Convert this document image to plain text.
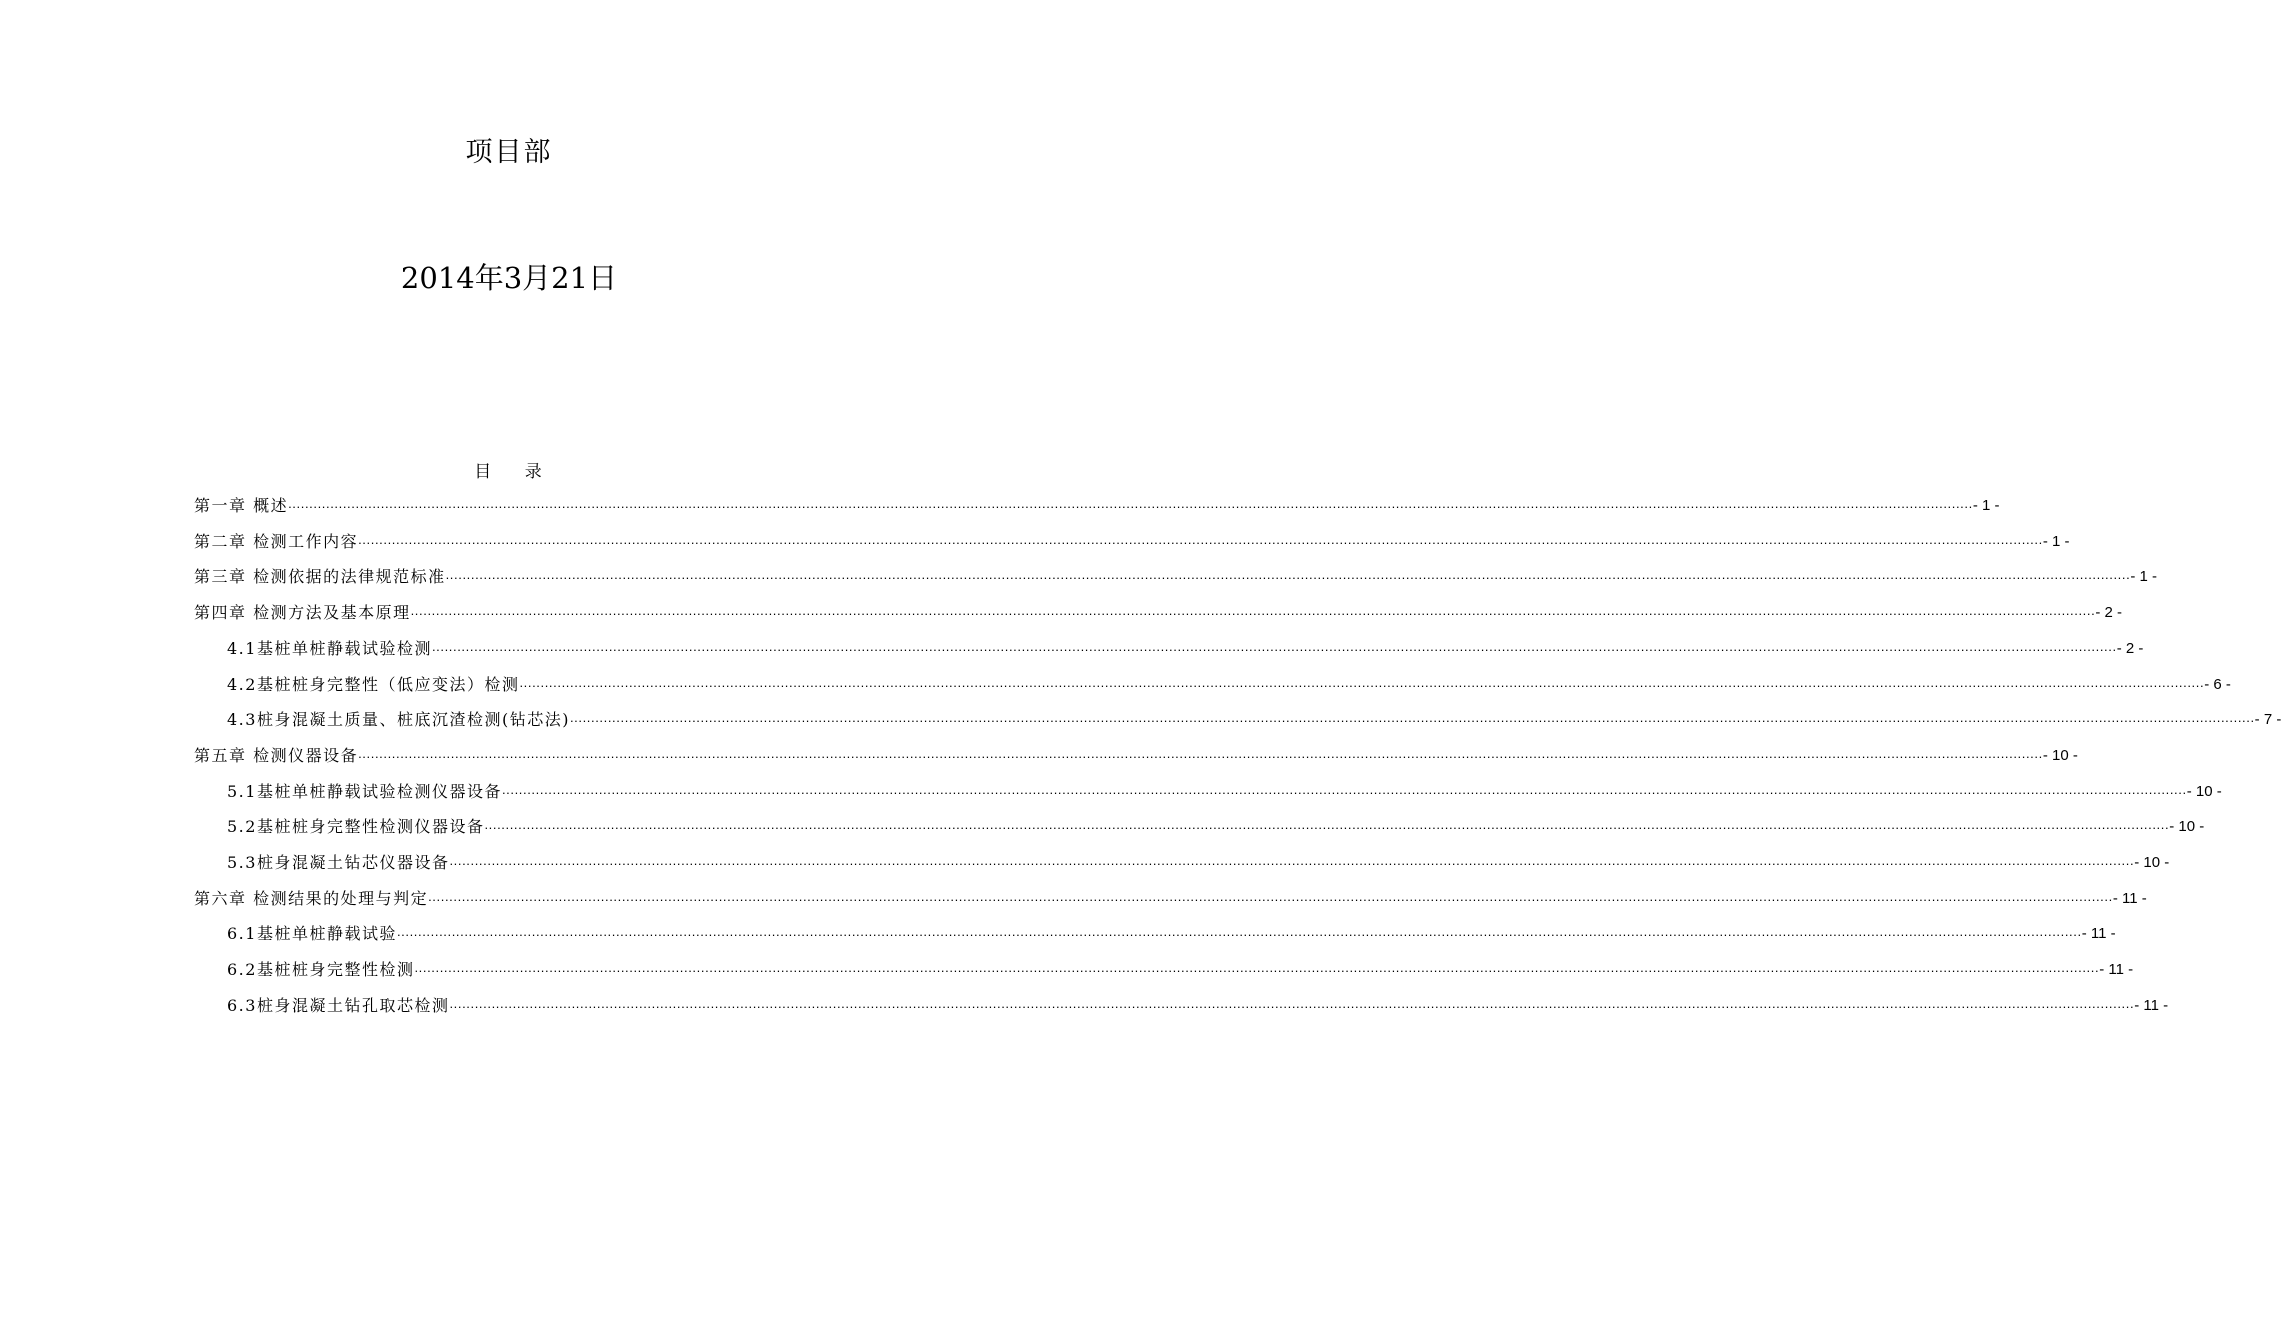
项目部
2014年3月21日
目 录
第一章 概述 ................................................................................................................................................................................................................................................................................................................................................................................................................ - 1 -
第二章 检测工作内容 ................................................................................................................................................................................................................................................................................................................................................................................................................ - 1 -
第三章 检测依据的法律规范标准 ................................................................................................................................................................................................................................................................................................................................................................................................................ - 1 -
第四章 检测方法及基本原理 ................................................................................................................................................................................................................................................................................................................................................................................................................ - 2 -
4.1基桩单桩静载试验检测 ................................................................................................................................................................................................................................................................................................................................................................................................................ - 2 -
4.2基桩桩身完整性（低应变法）检测 ................................................................................................................................................................................................................................................................................................................................................................................................................ - 6 -
4.3桩身混凝土质量、桩底沉渣检测(钻芯法) ................................................................................................................................................................................................................................................................................................................................................................................................................ - 7 -
第五章 检测仪器设备 ................................................................................................................................................................................................................................................................................................................................................................................................................ - 10 -
5.1基桩单桩静载试验检测仪器设备 ................................................................................................................................................................................................................................................................................................................................................................................................................ - 10 -
5.2基桩桩身完整性检测仪器设备 ................................................................................................................................................................................................................................................................................................................................................................................................................ - 10 -
5.3桩身混凝土钻芯仪器设备 ................................................................................................................................................................................................................................................................................................................................................................................................................ - 10 -
第六章 检测结果的处理与判定 ................................................................................................................................................................................................................................................................................................................................................................................................................ - 11 -
6.1基桩单桩静载试验 ................................................................................................................................................................................................................................................................................................................................................................................................................ - 11 -
6.2基桩桩身完整性检测 ................................................................................................................................................................................................................................................................................................................................................................................................................ - 11 -
6.3桩身混凝土钻孔取芯检测 ................................................................................................................................................................................................................................................................................................................................................................................................................ - 11 -
